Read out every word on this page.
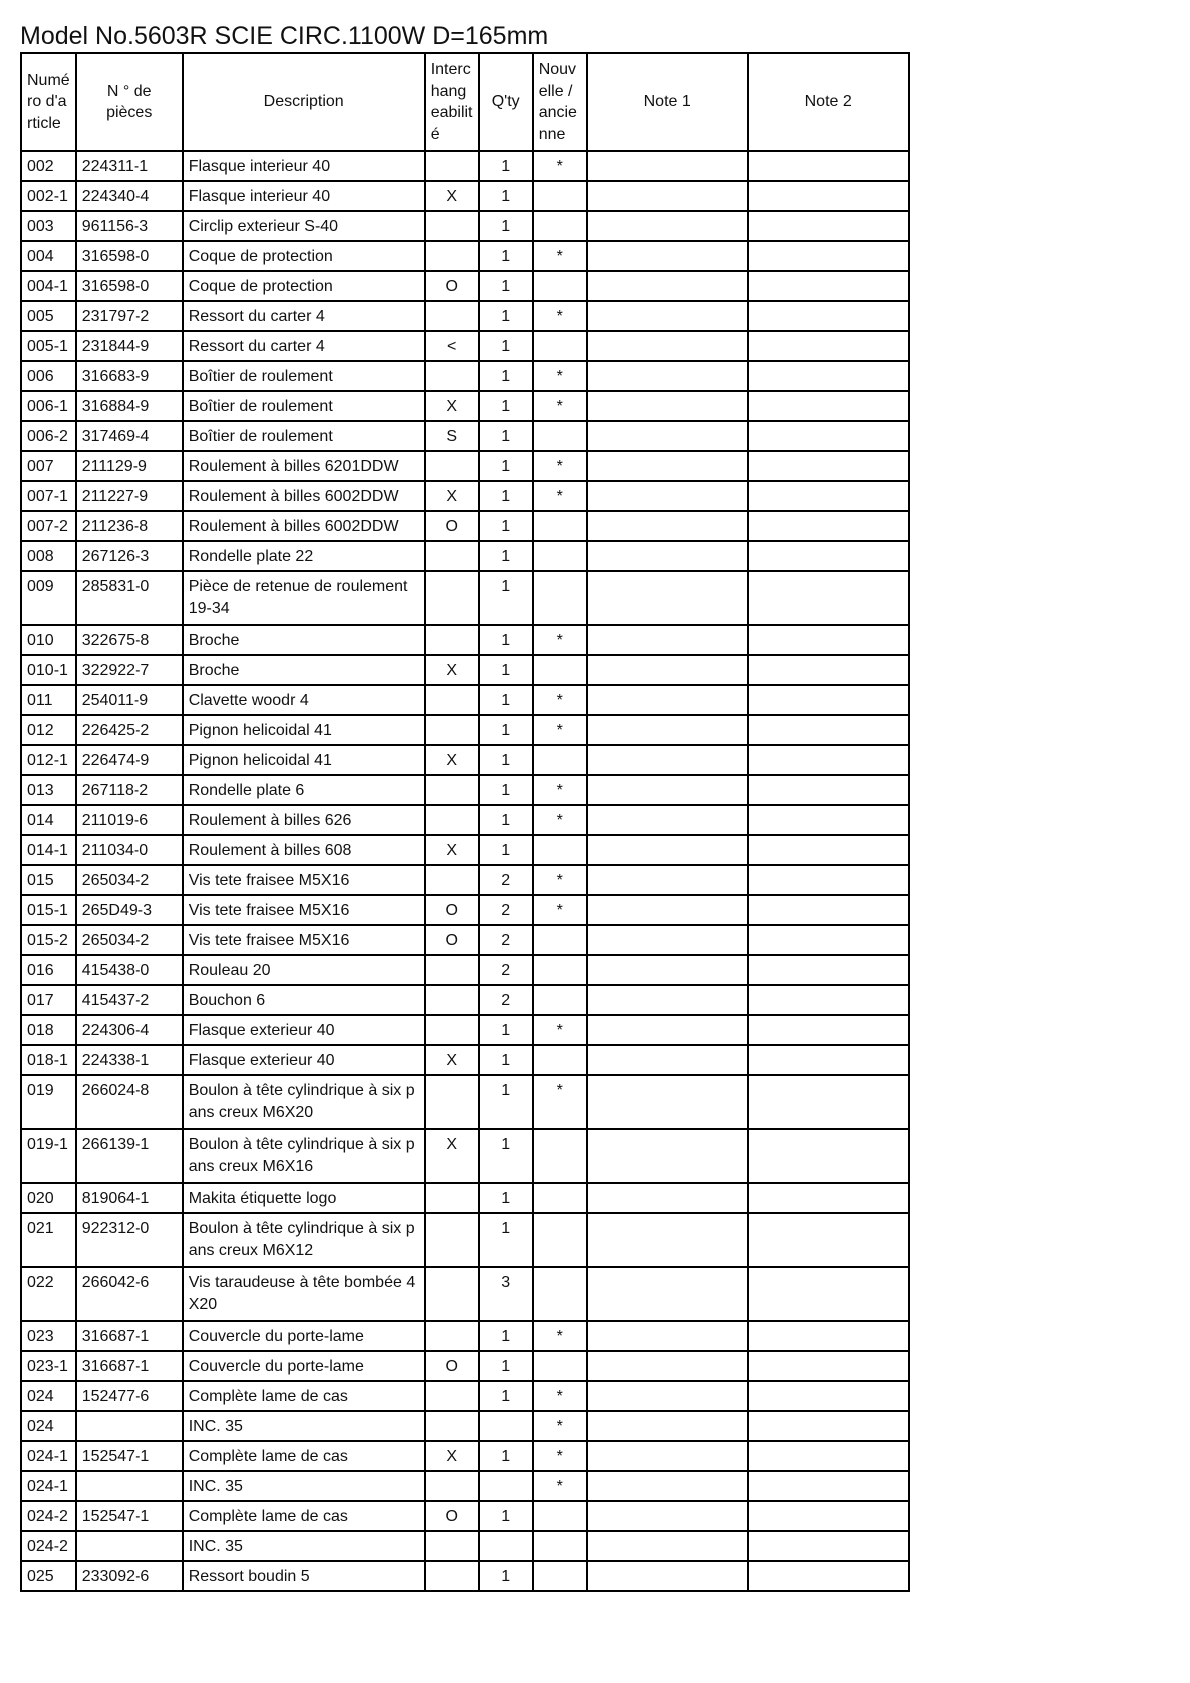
Model No.5603R SCIE CIRC.1100W D=165mm
Numé ro d'a rticle	N ° de pièces	Description	Interc hang eabilit é	Q'ty	Nouv elle / ancie nne	Note 1	Note 2
002	224311-1	Flasque interieur 40		1	*		
002-1	224340-4	Flasque interieur 40	X	1			
003	961156-3	Circlip exterieur S-40		1			
004	316598-0	Coque de protection		1	*		
004-1	316598-0	Coque de protection	O	1			
005	231797-2	Ressort du carter 4		1	*		
005-1	231844-9	Ressort du carter 4	<	1			
006	316683-9	Boîtier de roulement		1	*		
006-1	316884-9	Boîtier de roulement	X	1	*		
006-2	317469-4	Boîtier de roulement	S	1			
007	211129-9	Roulement à billes 6201DDW		1	*		
007-1	211227-9	Roulement à billes 6002DDW	X	1	*		
007-2	211236-8	Roulement à billes 6002DDW	O	1			
008	267126-3	Rondelle plate 22		1			
009	285831-0	Pièce de retenue de roulement 19-34		1			
010	322675-8	Broche		1	*		
010-1	322922-7	Broche	X	1			
011	254011-9	Clavette woodr 4		1	*		
012	226425-2	Pignon helicoidal 41		1	*		
012-1	226474-9	Pignon helicoidal 41	X	1			
013	267118-2	Rondelle plate 6		1	*		
014	211019-6	Roulement à billes 626		1	*		
014-1	211034-0	Roulement à billes 608	X	1			
015	265034-2	Vis tete fraisee M5X16		2	*		
015-1	265D49-3	Vis tete fraisee M5X16	O	2	*		
015-2	265034-2	Vis tete fraisee M5X16	O	2			
016	415438-0	Rouleau 20		2			
017	415437-2	Bouchon 6		2			
018	224306-4	Flasque exterieur 40		1	*		
018-1	224338-1	Flasque exterieur 40	X	1			
019	266024-8	Boulon à tête cylindrique à six pans creux M6X20		1	*		
019-1	266139-1	Boulon à tête cylindrique à six pans creux M6X16	X	1			
020	819064-1	Makita étiquette logo		1			
021	922312-0	Boulon à tête cylindrique à six pans creux M6X12		1			
022	266042-6	Vis taraudeuse à tête bombée 4X20		3			
023	316687-1	Couvercle du porte-lame		1	*		
023-1	316687-1	Couvercle du porte-lame	O	1			
024	152477-6	Complète lame de cas		1	*		
024		INC. 35			*		
024-1	152547-1	Complète lame de cas	X	1	*		
024-1		INC. 35			*		
024-2	152547-1	Complète lame de cas	O	1			
024-2		INC. 35					
025	233092-6	Ressort boudin 5		1			
